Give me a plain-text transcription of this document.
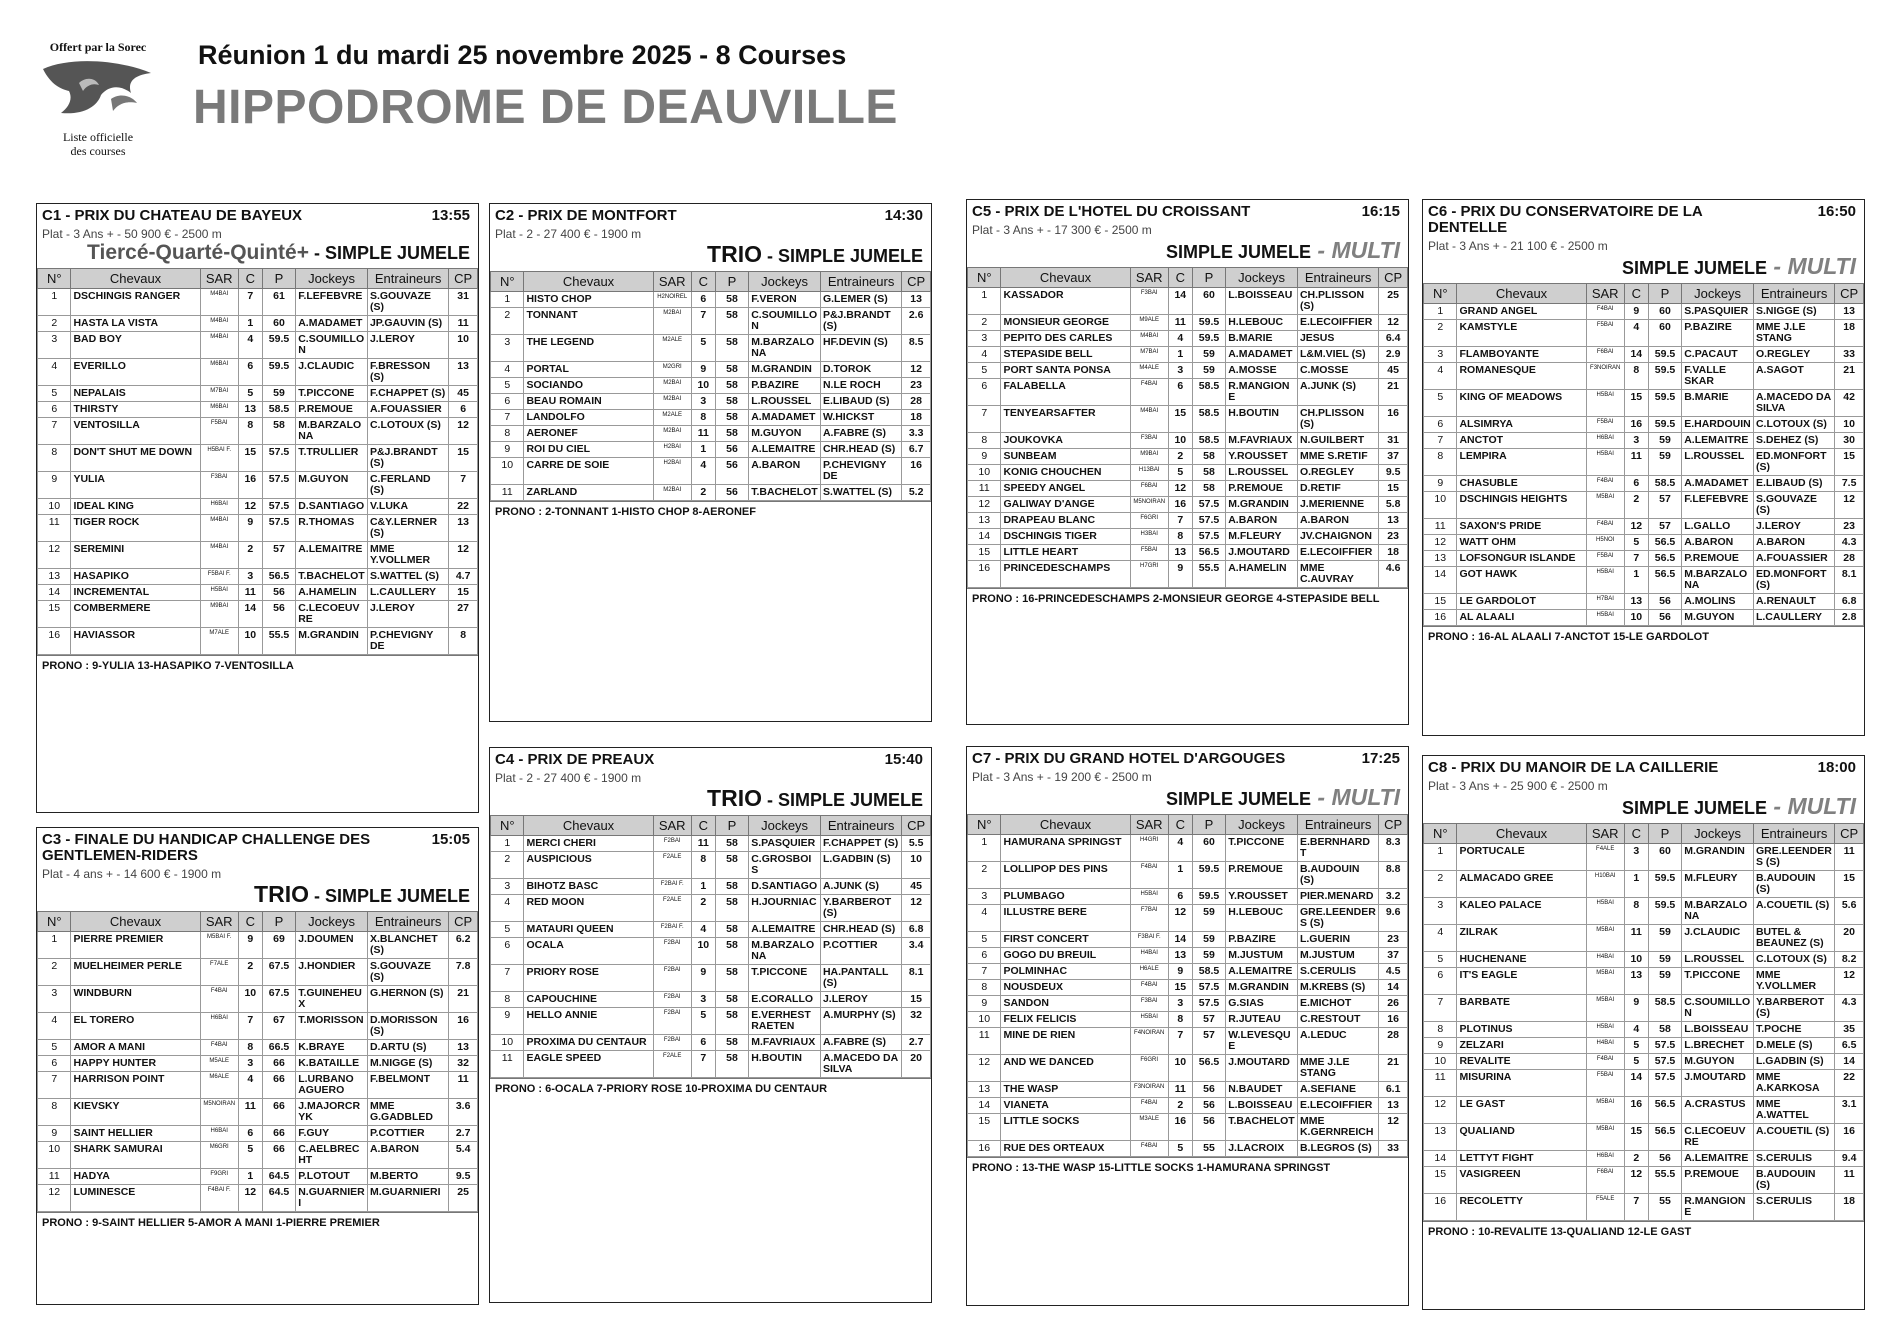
Offert par la Sorec
Liste officielle
des courses
Réunion 1 du mardi 25 novembre 2025 - 8 Courses
HIPPODROME DE DEAUVILLE
C1 - PRIX DU CHATEAU DE BAYEUX	13:55
Plat - 3 Ans + - 50 900 € - 2500 m
Tiercé-Quarté-Quinté+ - SIMPLE JUMELE
N°	Chevaux	SAR	C	P	Jockeys	Entraineurs	CP
1	DSCHINGIS RANGER	M4BAI	7	61	F.LEFEBVRE	S.GOUVAZE (S)	31
2	HASTA LA VISTA	M4BAI	1	60	A.MADAMET	JP.GAUVIN (S)	11
3	BAD BOY	M4BAI	4	59.5	C.SOUMILLON	J.LEROY	10
4	EVERILLO	M6BAI	6	59.5	J.CLAUDIC	F.BRESSON (S)	13
5	NEPALAIS	M7BAI	5	59	T.PICCONE	F.CHAPPET (S)	45
6	THIRSTY	M6BAI	13	58.5	P.REMOUE	A.FOUASSIER	6
7	VENTOSILLA	F5BAI	8	58	M.BARZALONA	C.LOTOUX (S)	12
8	DON'T SHUT ME DOWN	H5BAI F.	15	57.5	T.TRULLIER	P&J.BRANDT (S)	15
9	YULIA	F3BAI	16	57.5	M.GUYON	C.FERLAND (S)	7
10	IDEAL KING	H6BAI	12	57.5	D.SANTIAGO	V.LUKA	22
11	TIGER ROCK	M4BAI	9	57.5	R.THOMAS	C&Y.LERNER (S)	13
12	SEREMINI	M4BAI	2	57	A.LEMAITRE	MME Y.VOLLMER	12
13	HASAPIKO	F5BAI F.	3	56.5	T.BACHELOT	S.WATTEL (S)	4.7
14	INCREMENTAL	H5BAI	11	56	A.HAMELIN	L.CAULLERY	15
15	COMBERMERE	M9BAI	14	56	C.LECOEUVRE	J.LEROY	27
16	HAVIASSOR	M7ALE	10	55.5	M.GRANDIN	P.CHEVIGNY DE	8
PRONO : 9-YULIA 13-HASAPIKO 7-VENTOSILLA
C2 - PRIX DE MONTFORT	14:30
Plat - 2 - 27 400 € - 1900 m
TRIO - SIMPLE JUMELE
N°	Chevaux	SAR	C	P	Jockeys	Entraineurs	CP
1	HISTO CHOP	H2NOIREL	6	58	F.VERON	G.LEMER (S)	13
2	TONNANT	M2BAI	7	58	C.SOUMILLON	P&J.BRANDT (S)	2.6
3	THE LEGEND	M2ALE	5	58	M.BARZALONA	HF.DEVIN (S)	8.5
4	PORTAL	M2GRI	9	58	M.GRANDIN	D.TOROK	12
5	SOCIANDO	M2BAI	10	58	P.BAZIRE	N.LE ROCH	23
6	BEAU ROMAIN	M2BAI	3	58	L.ROUSSEL	E.LIBAUD (S)	28
7	LANDOLFO	M2ALE	8	58	A.MADAMET	W.HICKST	18
8	AERONEF	M2BAI	11	58	M.GUYON	A.FABRE (S)	3.3
9	ROI DU CIEL	H2BAI	1	56	A.LEMAITRE	CHR.HEAD (S)	6.7
10	CARRE DE SOIE	H2BAI	4	56	A.BARON	P.CHEVIGNY DE	16
11	ZARLAND	M2BAI	2	56	T.BACHELOT	S.WATTEL (S)	5.2
PRONO : 2-TONNANT 1-HISTO CHOP 8-AERONEF
C3 - FINALE DU HANDICAP CHALLENGE DES GENTLEMEN-RIDERS
15:05
Plat - 4 ans + - 14 600 € - 1900 m
TRIO - SIMPLE JUMELE
N°	Chevaux	SAR	C	P	Jockeys	Entraineurs	CP
1	PIERRE PREMIER	M5BAI F.	9	69	J.DOUMEN	X.BLANCHET (S)	6.2
2	MUELHEIMER PERLE	F7ALE	2	67.5	J.HONDIER	S.GOUVAZE (S)	7.8
3	WINDBURN	F4BAI	10	67.5	T.GUINEHEUX	G.HERNON (S)	21
4	EL TORERO	H6BAI	7	67	T.MORISSON	D.MORISSON (S)	16
5	AMOR A MANI	F4BAI	8	66.5	K.BRAYE	D.ARTU (S)	13
6	HAPPY HUNTER	M5ALE	3	66	K.BATAILLE	M.NIGGE (S)	32
7	HARRISON POINT	M6ALE	4	66	L.URBANO AGUERO	F.BELMONT	11
8	KIEVSKY	M5NOIRAN	11	66	J.MAJORCRYK	MME G.GADBLED	3.6
9	SAINT HELLIER	H6BAI	6	66	F.GUY	P.COTTIER	2.7
10	SHARK SAMURAI	M6GRI	5	66	C.AELBRECHT	A.BARON	5.4
11	HADYA	F9GRI	1	64.5	P.LOTOUT	M.BERTO	9.5
12	LUMINESCE	F4BAI F.	12	64.5	N.GUARNIERI	M.GUARNIERI	25
PRONO : 9-SAINT HELLIER 5-AMOR A MANI 1-PIERRE PREMIER
C4 - PRIX DE PREAUX	15:40
Plat - 2 - 27 400 € - 1900 m
TRIO - SIMPLE JUMELE
N°	Chevaux	SAR	C	P	Jockeys	Entraineurs	CP
1	MERCI CHERI	F2BAI	11	58	S.PASQUIER	F.CHAPPET (S)	5.5
2	AUSPICIOUS	F2ALE	8	58	C.GROSBOIS	L.GADBIN (S)	10
3	BIHOTZ BASC	F2BAI F.	1	58	D.SANTIAGO	A.JUNK (S)	45
4	RED MOON	F2ALE	2	58	H.JOURNIAC	Y.BARBEROT (S)	12
5	MATAURI QUEEN	F2BAI F.	4	58	A.LEMAITRE	CHR.HEAD (S)	6.8
6	OCALA	F2BAI	10	58	M.BARZALONA	P.COTTIER	3.4
7	PRIORY ROSE	F2BAI	9	58	T.PICCONE	HA.PANTALL (S)	8.1
8	CAPOUCHINE	F2BAI	3	58	E.CORALLO	J.LEROY	15
9	HELLO ANNIE	F2BAI	5	58	E.VERHESTRAETEN	A.MURPHY (S)	32
10	PROXIMA DU CENTAUR	F2BAI	6	58	M.FAVRIAUX	A.FABRE (S)	2.7
11	EAGLE SPEED	F2ALE	7	58	H.BOUTIN	A.MACEDO DA SILVA	20
PRONO : 6-OCALA 7-PRIORY ROSE 10-PROXIMA DU CENTAUR
C5 - PRIX DE L'HOTEL DU CROISSANT	16:15
Plat - 3 Ans + - 17 300 € - 2500 m
SIMPLE JUMELE - MULTI
N°	Chevaux	SAR	C	P	Jockeys	Entraineurs	CP
1	KASSADOR	F3BAI	14	60	L.BOISSEAU	CH.PLISSON (S)	25
2	MONSIEUR GEORGE	M9ALE	11	59.5	H.LEBOUC	E.LECOIFFIER	12
3	PEPITO DES CARLES	M4BAI	4	59.5	B.MARIE	JESUS	6.4
4	STEPASIDE BELL	M7BAI	1	59	A.MADAMET	L&M.VIEL (S)	2.9
5	PORT SANTA PONSA	M4ALE	3	59	A.MOSSE	C.MOSSE	45
6	FALABELLA	F4BAI	6	58.5	R.MANGIONE	A.JUNK (S)	21
7	TENYEARSAFTER	M4BAI	15	58.5	H.BOUTIN	CH.PLISSON (S)	16
8	JOUKOVKA	F3BAI	10	58.5	M.FAVRIAUX	N.GUILBERT	31
9	SUNBEAM	M9BAI	2	58	Y.ROUSSET	MME S.RETIF	37
10	KONIG CHOUCHEN	H13BAI	5	58	L.ROUSSEL	O.REGLEY	9.5
11	SPEEDY ANGEL	F6BAI	12	58	P.REMOUE	D.RETIF	15
12	GALIWAY D'ANGE	M5NOIRAN	16	57.5	M.GRANDIN	J.MERIENNE	5.8
13	DRAPEAU BLANC	F6GRI	7	57.5	A.BARON	A.BARON	13
14	DSCHINGIS TIGER	H3BAI	8	57.5	M.FLEURY	JV.CHAIGNON	23
15	LITTLE HEART	F5BAI	13	56.5	J.MOUTARD	E.LECOIFFIER	18
16	PRINCEDESCHAMPS	H7GRI	9	55.5	A.HAMELIN	MME C.AUVRAY	4.6
PRONO : 16-PRINCEDESCHAMPS 2-MONSIEUR GEORGE 4-STEPASIDE BELL
C6 - PRIX DU CONSERVATOIRE DE LA DENTELLE
16:50
Plat - 3 Ans + - 21 100 € - 2500 m
SIMPLE JUMELE - MULTI
N°	Chevaux	SAR	C	P	Jockeys	Entraineurs	CP
1	GRAND ANGEL	F4BAI	9	60	S.PASQUIER	S.NIGGE (S)	13
2	KAMSTYLE	F5BAI	4	60	P.BAZIRE	MME J.LE STANG	18
3	FLAMBOYANTE	F6BAI	14	59.5	C.PACAUT	O.REGLEY	33
4	ROMANESQUE	F3NOIRAN	8	59.5	F.VALLE SKAR	A.SAGOT	21
5	KING OF MEADOWS	H5BAI	15	59.5	B.MARIE	A.MACEDO DA SILVA	42
6	ALSIMRYA	F5BAI	16	59.5	E.HARDOUIN	C.LOTOUX (S)	10
7	ANCTOT	H6BAI	3	59	A.LEMAITRE	S.DEHEZ (S)	30
8	LEMPIRA	H5BAI	11	59	L.ROUSSEL	ED.MONFORT (S)	15
9	CHASUBLE	F4BAI	6	58.5	A.MADAMET	E.LIBAUD (S)	7.5
10	DSCHINGIS HEIGHTS	M5BAI	2	57	F.LEFEBVRE	S.GOUVAZE (S)	12
11	SAXON'S PRIDE	F4BAI	12	57	L.GALLO	J.LEROY	23
12	WATT OHM	H5NOI	5	56.5	A.BARON	A.BARON	4.3
13	LOFSONGUR ISLANDE	F5BAI	7	56.5	P.REMOUE	A.FOUASSIER	28
14	GOT HAWK	H5BAI	1	56.5	M.BARZALONA	ED.MONFORT (S)	8.1
15	LE GARDOLOT	H7BAI	13	56	A.MOLINS	A.RENAULT	6.8
16	AL ALAALI	H5BAI	10	56	M.GUYON	L.CAULLERY	2.8
PRONO : 16-AL ALAALI 7-ANCTOT 15-LE GARDOLOT
C7 - PRIX DU GRAND HOTEL D'ARGOUGES	17:25
Plat - 3 Ans + - 19 200 € - 2500 m
SIMPLE JUMELE - MULTI
N°	Chevaux	SAR	C	P	Jockeys	Entraineurs	CP
1	HAMURANA SPRINGST	H4GRI	4	60	T.PICCONE	E.BERNHARDT	8.3
2	LOLLIPOP DES PINS	F4BAI	1	59.5	P.REMOUE	B.AUDOUIN (S)	8.8
3	PLUMBAGO	H5BAI	6	59.5	Y.ROUSSET	PIER.MENARD	3.2
4	ILLUSTRE BERE	F7BAI	12	59	H.LEBOUC	GRE.LEENDERS (S)	9.6
5	FIRST CONCERT	F3BAI F.	14	59	P.BAZIRE	L.GUERIN	23
6	GOGO DU BREUIL	H4BAI	13	59	M.JUSTUM	M.JUSTUM	37
7	POLMINHAC	H6ALE	9	58.5	A.LEMAITRE	S.CERULIS	4.5
8	NOUSDEUX	F4BAI	15	57.5	M.GRANDIN	M.KREBS (S)	14
9	SANDON	F3BAI	3	57.5	G.SIAS	E.MICHOT	26
10	FELIX FELICIS	H5BAI	8	57	R.JUTEAU	C.RESTOUT	16
11	MINE DE RIEN	F4NOIRAN	7	57	W.LEVESQUE	A.LEDUC	28
12	AND WE DANCED	F6GRI	10	56.5	J.MOUTARD	MME J.LE STANG	21
13	THE WASP	F3NOIRAN	11	56	N.BAUDET	A.SEFIANE	6.1
14	VIANETA	F4BAI	2	56	L.BOISSEAU	E.LECOIFFIER	13
15	LITTLE SOCKS	M3ALE	16	56	T.BACHELOT	MME K.GERNREICH	12
16	RUE DES ORTEAUX	F4BAI	5	55	J.LACROIX	B.LEGROS (S)	33
PRONO : 13-THE WASP 15-LITTLE SOCKS 1-HAMURANA SPRINGST
C8 - PRIX DU MANOIR DE LA CAILLERIE	18:00
Plat - 3 Ans + - 25 900 € - 2500 m
SIMPLE JUMELE - MULTI
N°	Chevaux	SAR	C	P	Jockeys	Entraineurs	CP
1	PORTUCALE	F4ALE	3	60	M.GRANDIN	GRE.LEENDERS (S)	11
2	ALMACADO GREE	H10BAI	1	59.5	M.FLEURY	B.AUDOUIN (S)	15
3	KALEO PALACE	H5BAI	8	59.5	M.BARZALONA	A.COUETIL (S)	5.6
4	ZILRAK	M5BAI	11	59	J.CLAUDIC	BUTEL & BEAUNEZ (S)	20
5	HUCHENANE	H4BAI	10	59	L.ROUSSEL	C.LOTOUX (S)	8.2
6	IT'S EAGLE	M5BAI	13	59	T.PICCONE	MME Y.VOLLMER	12
7	BARBATE	M5BAI	9	58.5	C.SOUMILLON	Y.BARBEROT (S)	4.3
8	PLOTINUS	H5BAI	4	58	L.BOISSEAU	T.POCHE	35
9	ZELZARI	H4BAI	5	57.5	L.BRECHET	D.MELE (S)	6.5
10	REVALITE	F4BAI	5	57.5	M.GUYON	L.GADBIN (S)	14
11	MISURINA	F5BAI	14	57.5	J.MOUTARD	MME A.KARKOSA	22
12	LE GAST	M5BAI	16	56.5	A.CRASTUS	MME A.WATTEL	3.1
13	QUALIAND	M5BAI	15	56.5	C.LECOEUVRE	A.COUETIL (S)	16
14	LETTYT FIGHT	H6BAI	2	56	A.LEMAITRE	S.CERULIS	9.4
15	VASIGREEN	F6BAI	12	55.5	P.REMOUE	B.AUDOUIN (S)	11
16	RECOLETTY	F5ALE	7	55	R.MANGIONE	S.CERULIS	18
PRONO : 10-REVALITE 13-QUALIAND 12-LE GAST
